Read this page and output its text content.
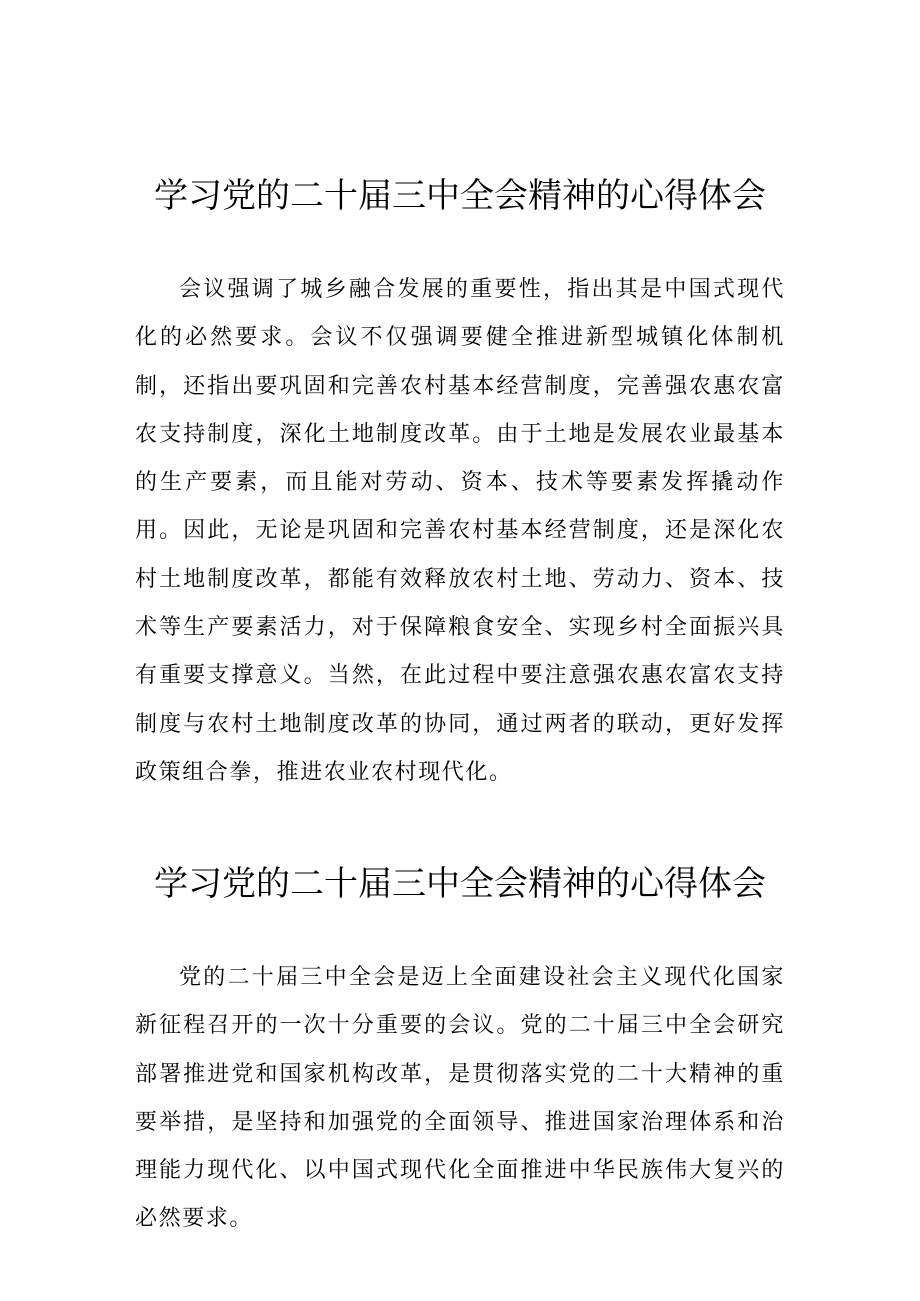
学习党的二十届三中全会精神的心得体会

会议强调了城乡融合发展的重要性，指出其是中国式现代化的必然要求。会议不仅强调要健全推进新型城镇化体制机制，还指出要巩固和完善农村基本经营制度，完善强农惠农富农支持制度，深化土地制度改革。由于土地是发展农业最基本的生产要素，而且能对劳动、资本、技术等要素发挥撬动作用。因此，无论是巩固和完善农村基本经营制度，还是深化农村土地制度改革，都能有效释放农村土地、劳动力、资本、技术等生产要素活力，对于保障粮食安全、实现乡村全面振兴具有重要支撑意义。当然，在此过程中要注意强农惠农富农支持制度与农村土地制度改革的协同，通过两者的联动，更好发挥政策组合拳，推进农业农村现代化。

学习党的二十届三中全会精神的心得体会

党的二十届三中全会是迈上全面建设社会主义现代化国家新征程召开的一次十分重要的会议。党的二十届三中全会研究部署推进党和国家机构改革，是贯彻落实党的二十大精神的重要举措，是坚持和加强党的全面领导、推进国家治理体系和治理能力现代化、以中国式现代化全面推进中华民族伟大复兴的必然要求。
